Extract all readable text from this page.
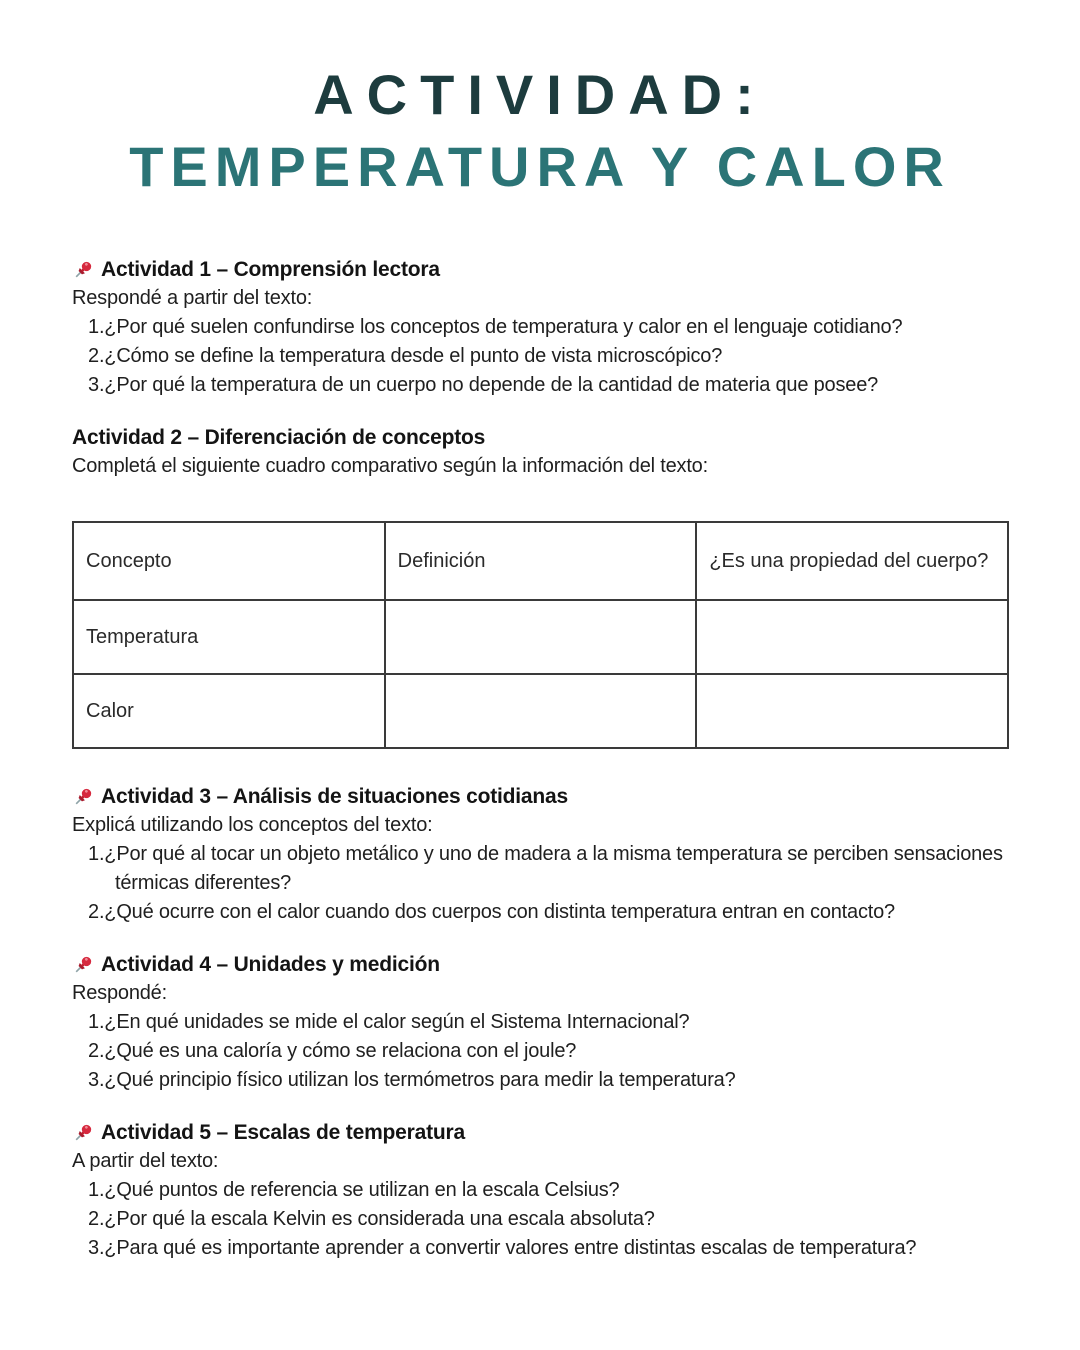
ACTIVIDAD:
TEMPERATURA Y CALOR
Actividad 1 – Comprensión lectora
Respondé a partir del texto:
¿Por qué suelen confundirse los conceptos de temperatura y calor en el lenguaje cotidiano?
¿Cómo se define la temperatura desde el punto de vista microscópico?
¿Por qué la temperatura de un cuerpo no depende de la cantidad de materia que posee?
Actividad 2 – Diferenciación de conceptos
Completá el siguiente cuadro comparativo según la información del texto:
Concepto	Definición	¿Es una propiedad del cuerpo?
Temperatura		
Calor		
Actividad 3 – Análisis de situaciones cotidianas
Explicá utilizando los conceptos del texto:
¿Por qué al tocar un objeto metálico y uno de madera a la misma temperatura se perciben sensaciones térmicas diferentes?
¿Qué ocurre con el calor cuando dos cuerpos con distinta temperatura entran en contacto?
Actividad 4 – Unidades y medición
Respondé:
¿En qué unidades se mide el calor según el Sistema Internacional?
¿Qué es una caloría y cómo se relaciona con el joule?
¿Qué principio físico utilizan los termómetros para medir la temperatura?
Actividad 5 – Escalas de temperatura
A partir del texto:
¿Qué puntos de referencia se utilizan en la escala Celsius?
¿Por qué la escala Kelvin es considerada una escala absoluta?
¿Para qué es importante aprender a convertir valores entre distintas escalas de temperatura?
